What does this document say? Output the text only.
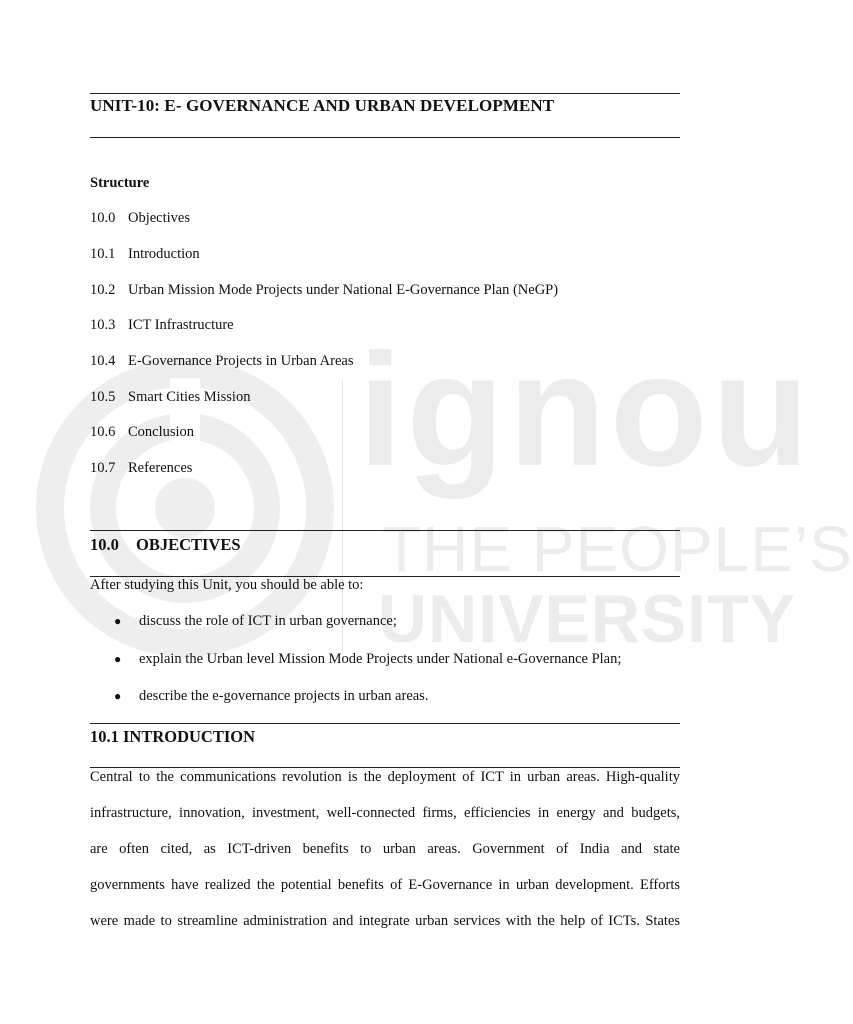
ignou
THE PEOPLE’S
UNIVERSITY
UNIT-10: E- GOVERNANCE AND URBAN DEVELOPMENT
Structure
10.0 Objectives
10.1 Introduction
10.2 Urban Mission Mode Projects under National E-Governance Plan (NeGP)
10.3 ICT Infrastructure
10.4 E-Governance Projects in Urban Areas
10.5 Smart Cities Mission
10.6 Conclusion
10.7 References
10.0 OBJECTIVES
After studying this Unit, you should be able to:
● discuss the role of ICT in urban governance;
● explain the Urban level Mission Mode Projects under National e-Governance Plan;
● describe the e-governance projects in urban areas.
10.1 INTRODUCTION
Central to the communications revolution is the deployment of ICT in urban areas. High-quality
infrastructure, innovation, investment, well-connected firms, efficiencies in energy and budgets,
are often cited, as ICT-driven benefits to urban areas. Government of India and state
governments have realized the potential benefits of E-Governance in urban development. Efforts
were made to streamline administration and integrate urban services with the help of ICTs. States
